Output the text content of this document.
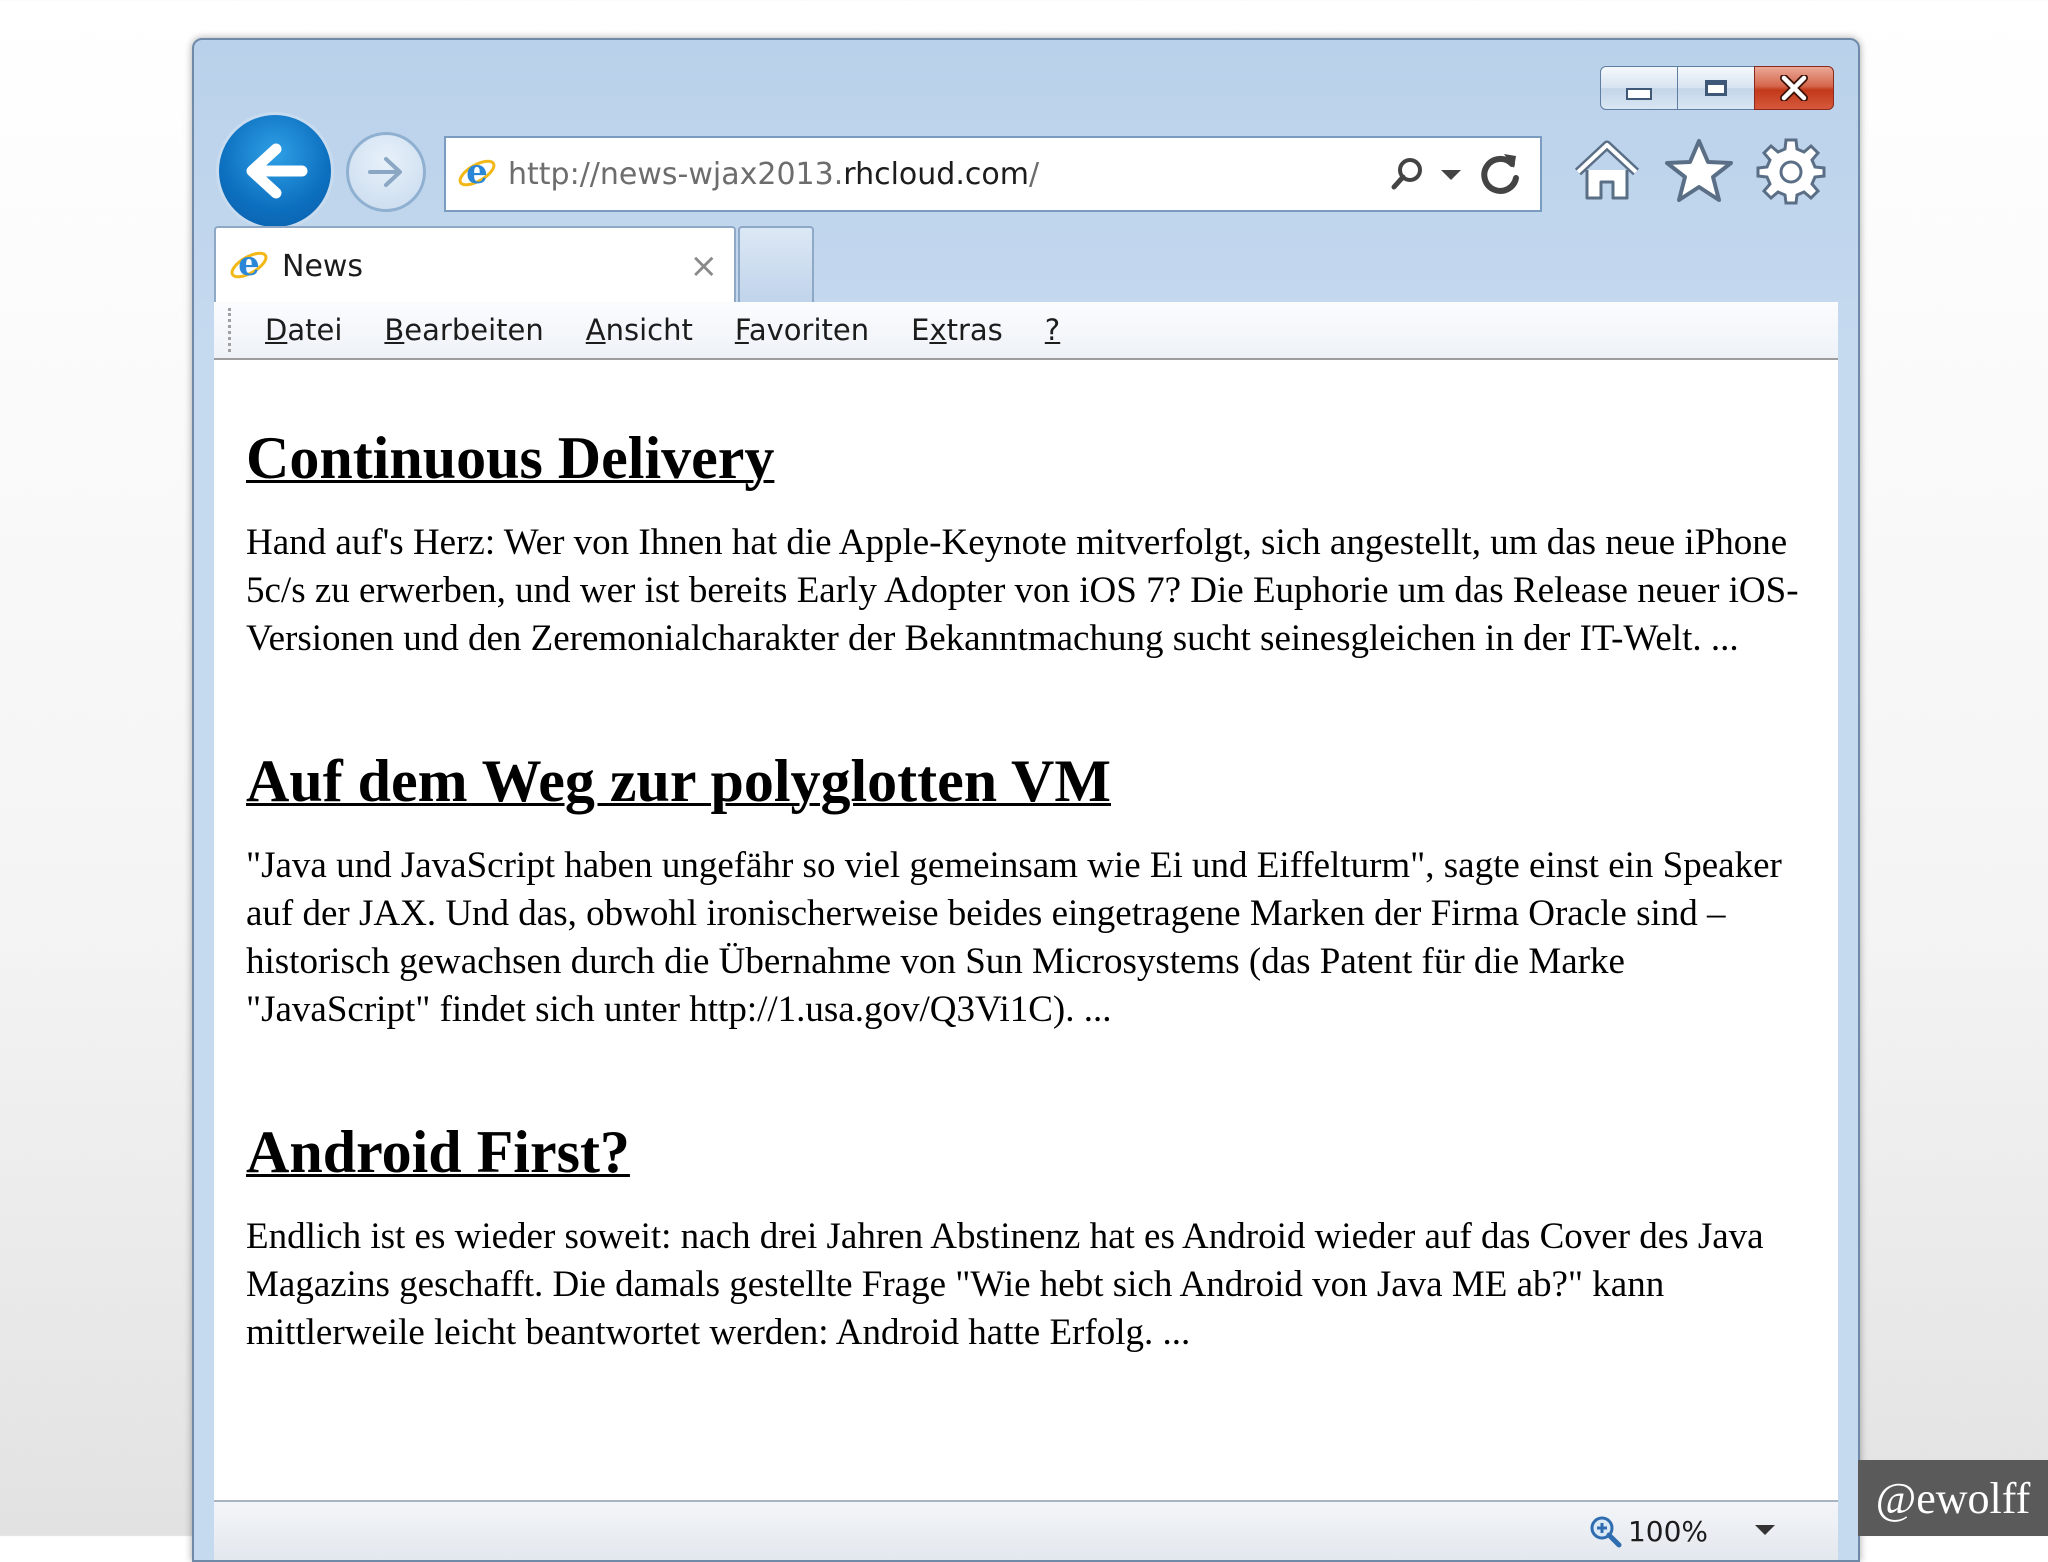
e http://news-wjax2013.rhcloud.com/
e News	×
Datei Bearbeiten Ansicht Favoriten Extras ?
Continuous Delivery

Hand auf's Herz: Wer von Ihnen hat die Apple-Keynote mitverfolgt, sich angestellt, um das neue iPhone 5c/s zu erwerben, und wer ist bereits Early Adopter von iOS 7? Die Euphorie um das Release neuer iOS-Versionen und den Zeremonialcharakter der Bekanntmachung sucht seinesgleichen in der IT-Welt. ...

Auf dem Weg zur polyglotten VM

"Java und JavaScript haben ungefähr so viel gemeinsam wie Ei und Eiffelturm", sagte einst ein Speaker auf der JAX. Und das, obwohl ironischerweise beides eingetragene Marken der Firma Oracle sind – historisch gewachsen durch die Übernahme von Sun Microsystems (das Patent für die Marke "JavaScript" findet sich unter http://1.usa.gov/Q3Vi1C). ...

Android First?

Endlich ist es wieder soweit: nach drei Jahren Abstinenz hat es Android wieder auf das Cover des Java Magazins geschafft. Die damals gestellte Frage "Wie hebt sich Android von Java ME ab?" kann mittlerweile leicht beantwortet werden: Android hatte Erfolg. ...

100%
@ewolff
